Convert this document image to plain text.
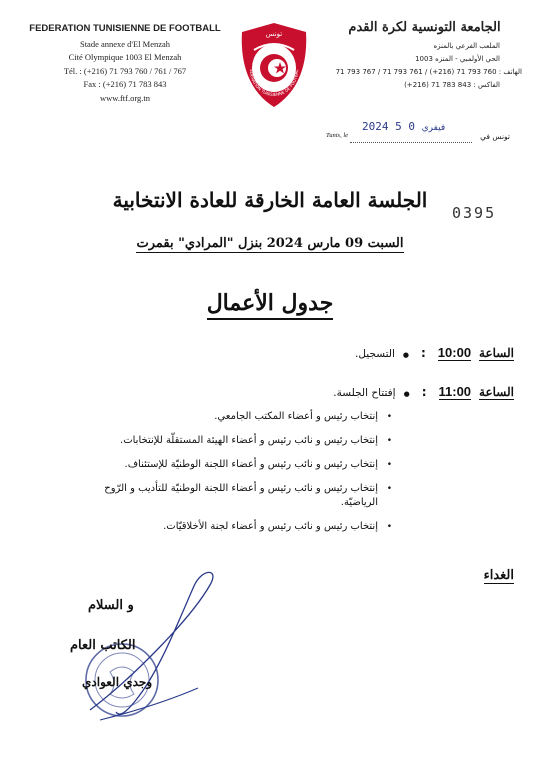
FEDERATION TUNISIENNE DE FOOTBALL
Stade annexe d'El Menzah
Cité Olympique 1003 El Menzah
Tél. : (+216) 71 793 760 / 761 / 767
Fax : (+216) 71 783 843
www.ftf.org.tn
تونس
EDERATION TUNISIENNE DE FOOTBAL
الجامعة التونسية لكرة القدم
الملعب الفرعي بالمنزه
الحي الأولمبي - المنزه 1003
الهاتف : 760 793 71 (216+) / 761 793 71 / 767 793 71
الفاكس : 843 783 71 (216+)
تونس في
Tunis, le
2024	فيفري 0 5
0395
الجلسة العامة الخارقة للعادة الانتخابية
السبت 09 مارس 2024 بنزل "المرادي" بقمرت
جدول الأعمال
الساعة
10:00
:
●
التسجيل.
الساعة
11:00
:
●
إفتتاح الجلسة.
• إنتخاب رئيس و أعضاء المكتب الجامعي.
• إنتخاب رئيس و نائب رئيس و أعضاء الهيئة المستقلّة للإنتخابات.
• إنتخاب رئيس و نائب رئيس و أعضاء اللجنة الوطنيّة للإستئناف.
• إنتخاب رئيس و نائب رئيس و أعضاء اللجنة الوطنيّة للتأديب و الرّوح الرياضيّة.
• إنتخاب رئيس و نائب رئيس و أعضاء لجنة الأخلاقيّات.
الغداء
و السلام
الكاتب العام
وجدي العوادي
